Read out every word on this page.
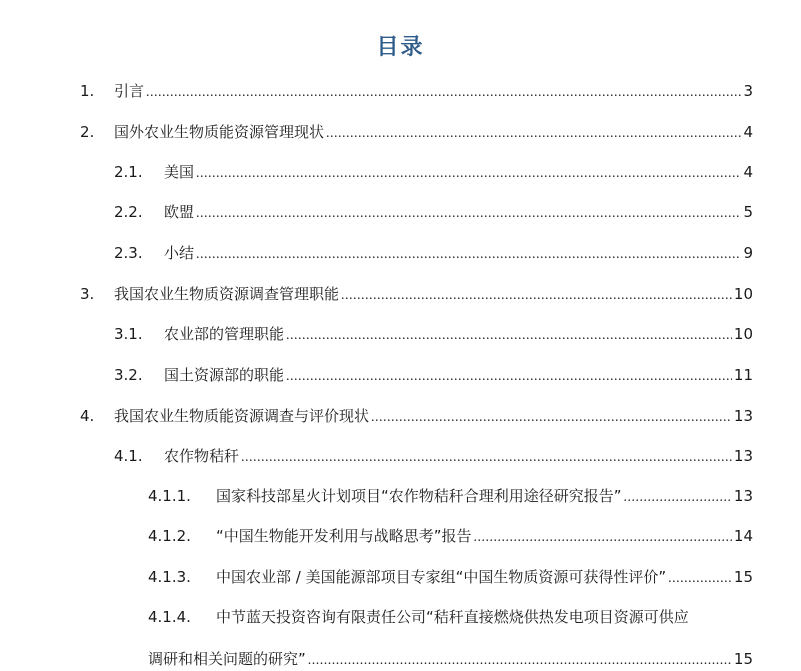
目录
1.	引言 .....	3
2.	国外农业生物质能资源管理现状 .....	4
2.1.	美国 .....	4
2.2.	欧盟 .....	5
2.3.	小结 .....	9
3.	我国农业生物质资源调查管理职能 .....	10
3.1.	农业部的管理职能 .....	10
3.2.	国土资源部的职能 .....	11
4.	我国农业生物质能资源调查与评价现状 .....	13
4.1.	农作物秸秆 .....	13
4.1.1.	国家科技部星火计划项目“农作物秸秆合理利用途径研究报告” .....	13
4.1.2.	“中国生物能开发利用与战略思考”报告 .....	14
4.1.3.	中国农业部 / 美国能源部项目专家组“中国生物质资源可获得性评价” .....	15
4.1.4.	中节蓝天投资咨询有限责任公司“秸秆直接燃烧供热发电项目资源可供应
调研和相关问题的研究” .....	15
